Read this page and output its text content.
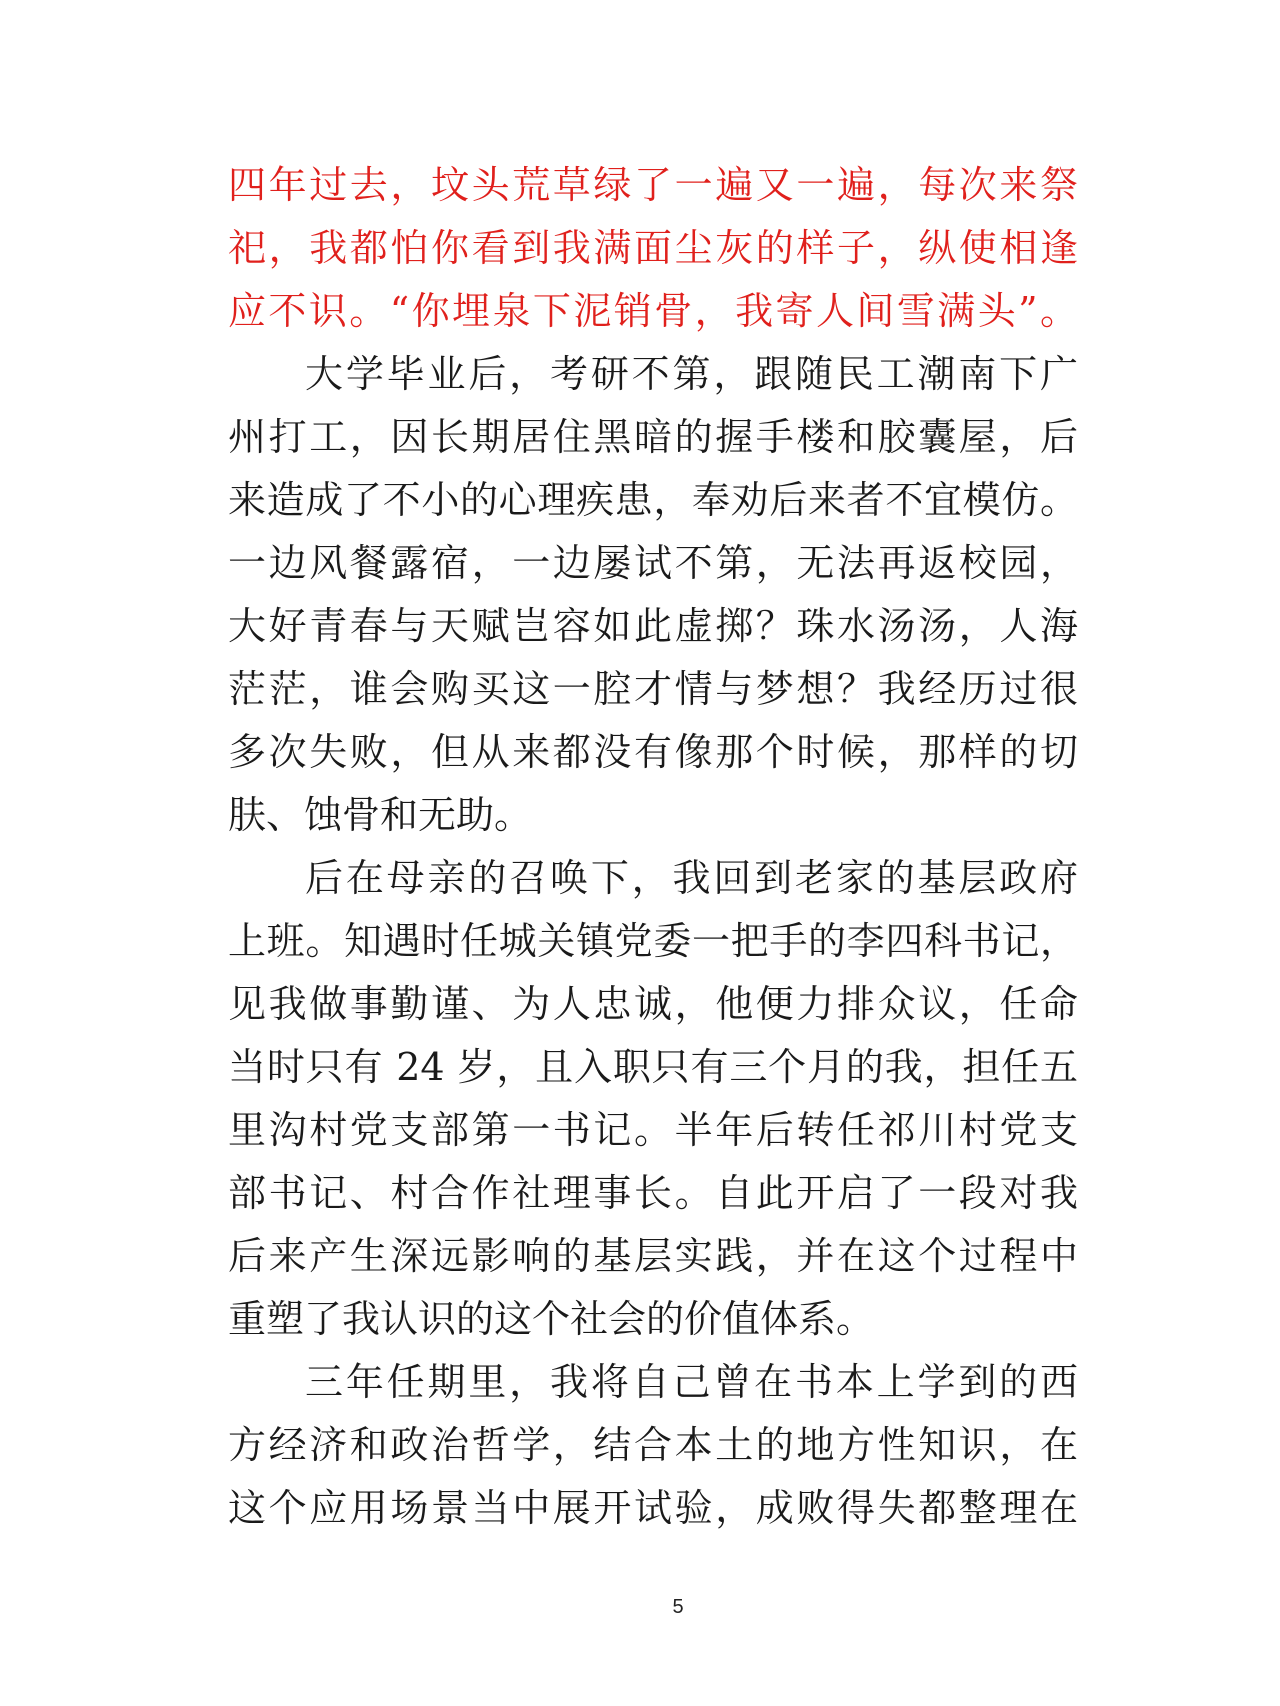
四年过去，坟头荒草绿了一遍又一遍，每次来祭
祀，我都怕你看到我满面尘灰的样子，纵使相逢
应不识。“你埋泉下泥销骨，我寄人间雪满头”。
大学毕业后，考研不第，跟随民工潮南下广
州打工，因长期居住黑暗的握手楼和胶囊屋，后
来造成了不小的心理疾患，奉劝后来者不宜模仿。
一边风餐露宿，一边屡试不第，无法再返校园，
大好青春与天赋岂容如此虚掷？珠水汤汤，人海
茫茫，谁会购买这一腔才情与梦想？我经历过很
多次失败，但从来都没有像那个时候，那样的切
肤、蚀骨和无助。
后在母亲的召唤下，我回到老家的基层政府
上班。知遇时任城关镇党委一把手的李四科书记，
见我做事勤谨、为人忠诚，他便力排众议，任命
当时只有 24 岁，且入职只有三个月的我，担任五
里沟村党支部第一书记。半年后转任祁川村党支
部书记、村合作社理事长。自此开启了一段对我
后来产生深远影响的基层实践，并在这个过程中
重塑了我认识的这个社会的价值体系。
三年任期里，我将自己曾在书本上学到的西
方经济和政治哲学，结合本土的地方性知识，在
这个应用场景当中展开试验，成败得失都整理在
5
